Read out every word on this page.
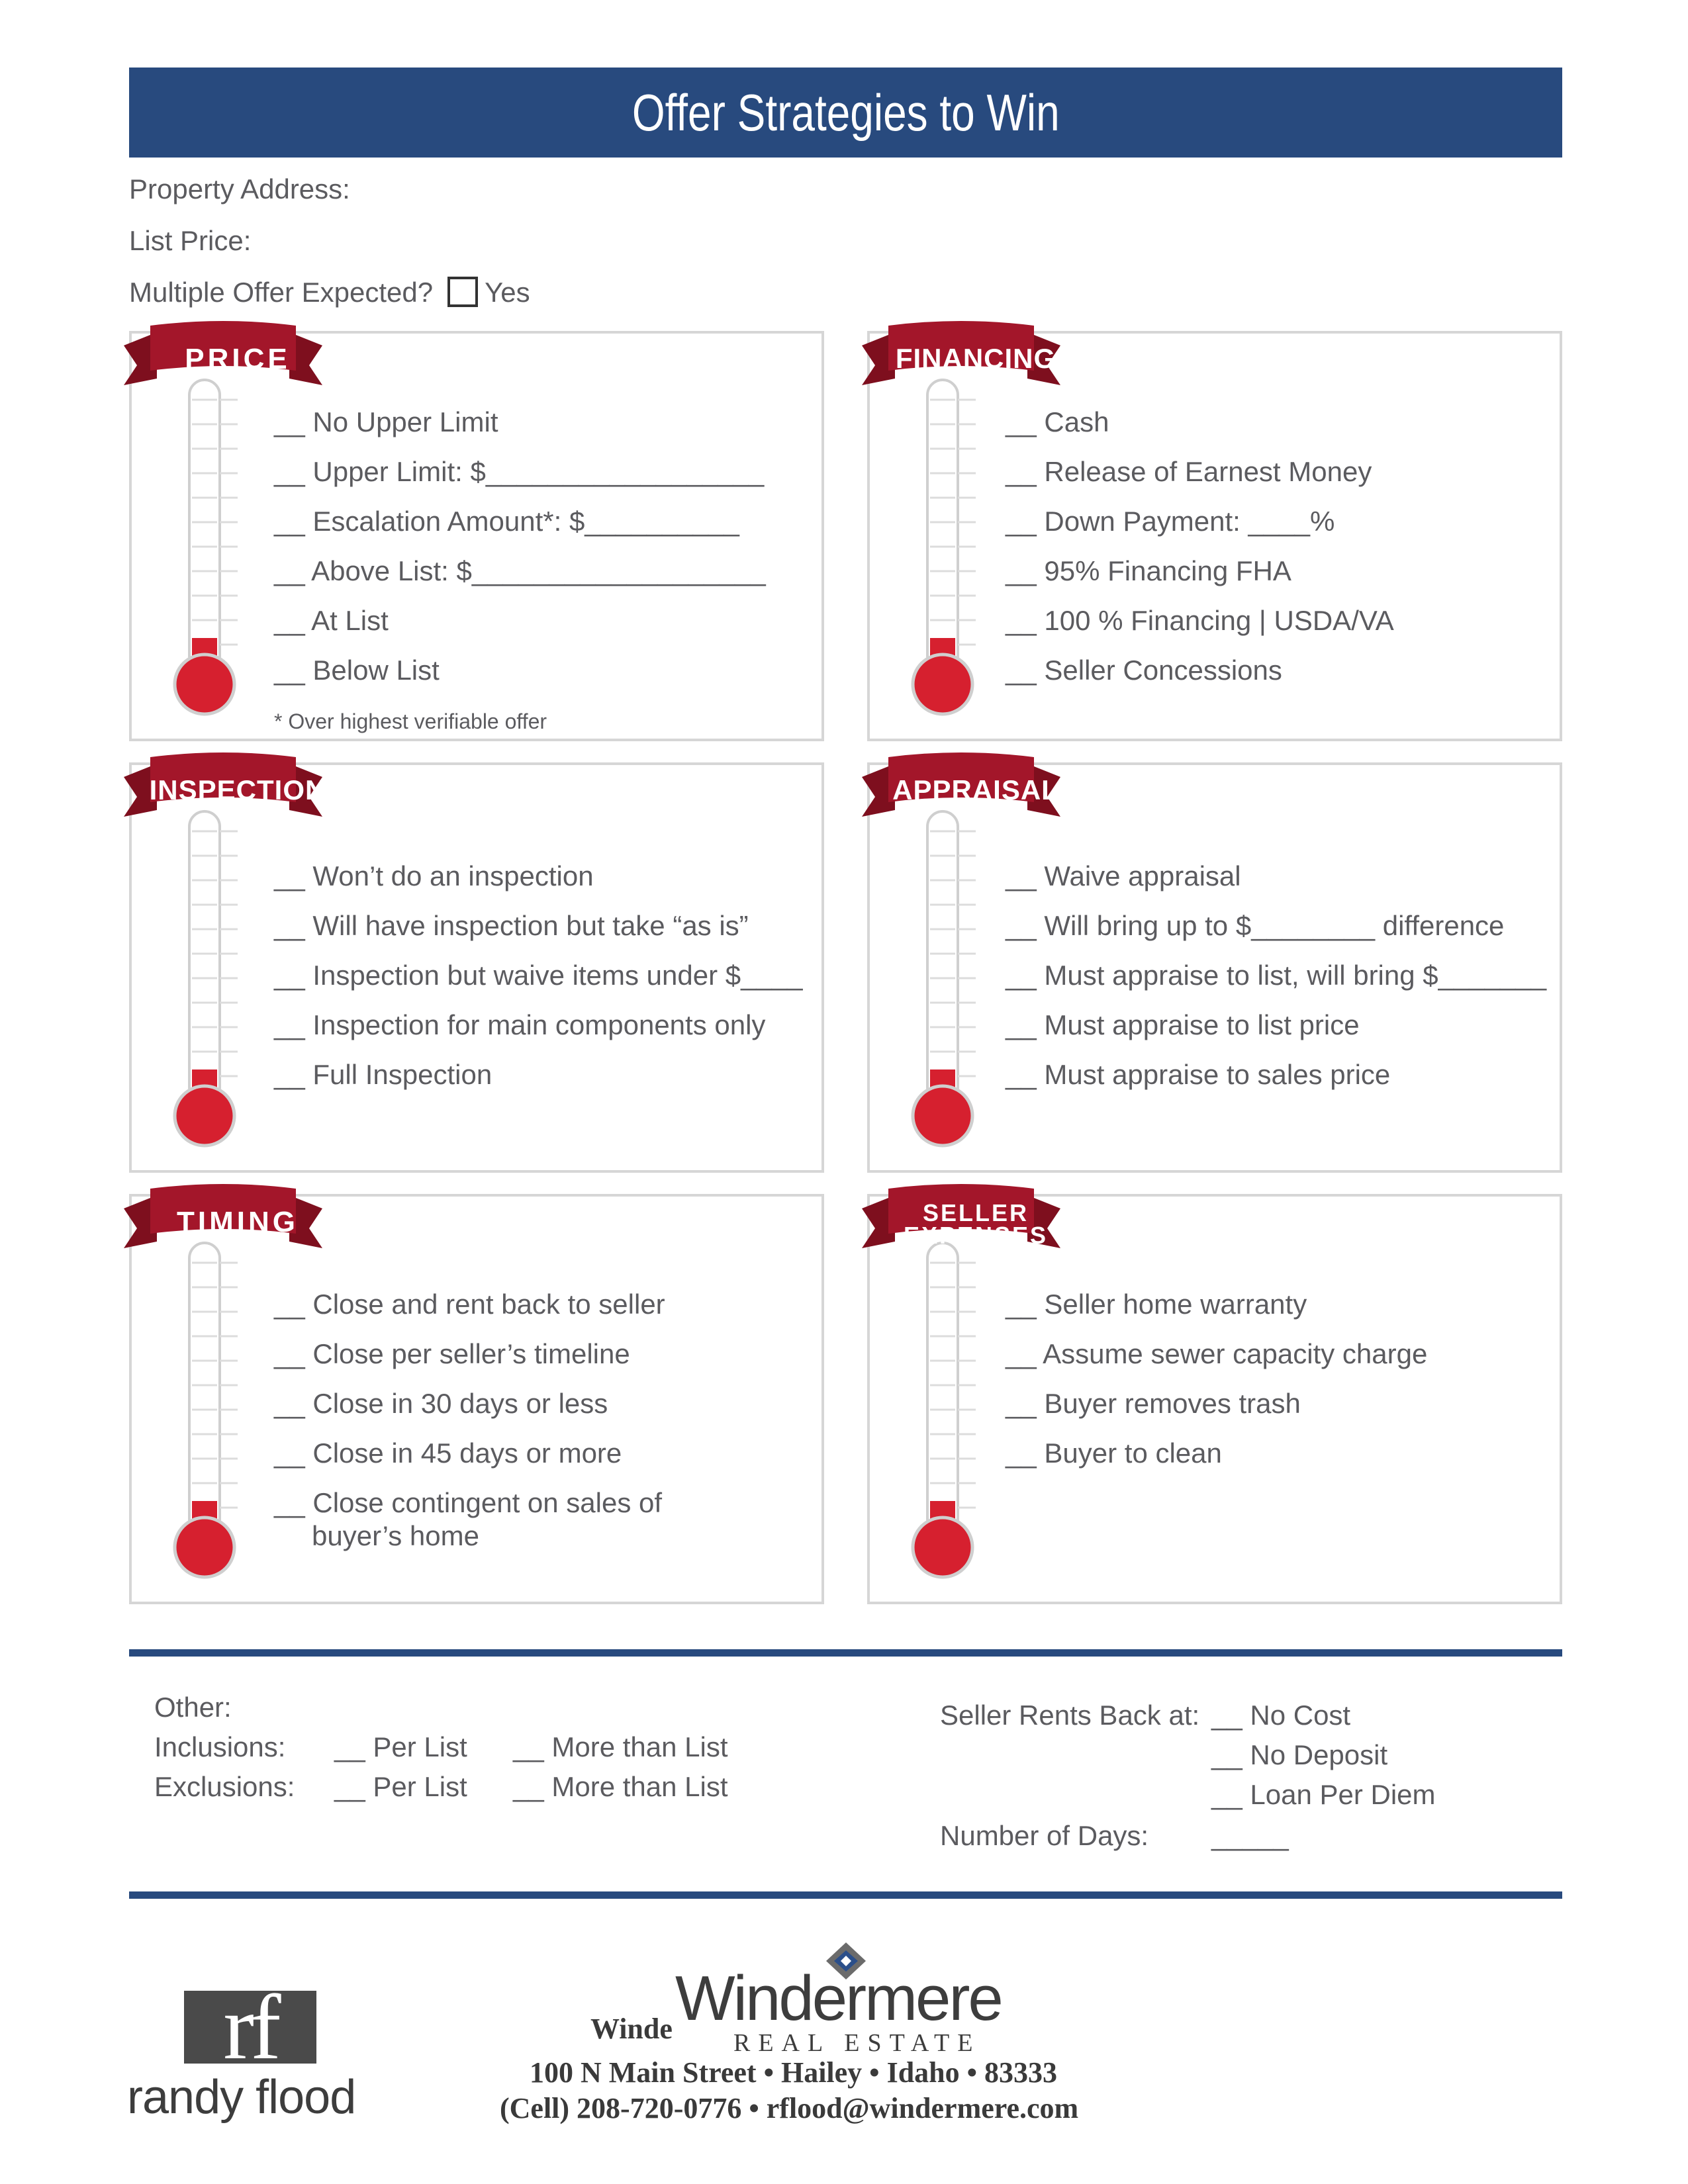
Offer Strategies to Win
Property Address:
List Price:
Multiple Offer Expected? Yes
PRICE
__ No Upper Limit
__ Upper Limit: $__________________
__ Escalation Amount*: $__________
__ Above List: $___________________
__ At List
__ Below List
* Over highest verifiable offer
FINANCING
__ Cash
__ Release of Earnest Money
__ Down Payment: ____%
__ 95% Financing FHA
__ 100 % Financing | USDA/VA
__ Seller Concessions
INSPECTION
__ Won’t do an inspection
__ Will have inspection but take “as is”
__ Inspection but waive items under $____
__ Inspection for main components only
__ Full Inspection
APPRAISAL
__ Waive appraisal
__ Will bring up to $________ difference
__ Must appraise to list, will bring $_______
__ Must appraise to list price
__ Must appraise to sales price
TIMING
__ Close and rent back to seller
__ Close per seller’s timeline
__ Close in 30 days or less
__ Close in 45 days or more
__ Close contingent on sales of
buyer’s home
SELLER
EXPENSES
__ Seller home warranty
__ Assume sewer capacity charge
__ Buyer removes trash
__ Buyer to clean
Other:
Inclusions: __ Per List __ More than List
Exclusions: __ Per List __ More than List
Seller Rents Back at: __ No Cost
__ No Deposit
__ Loan Per Diem
Number of Days: _____
rf
randy flood
Windermere
REAL ESTATE
Winde
100 N Main Street • Hailey • Idaho • 83333
(Cell) 208-720-0776 • rflood@windermere.com
